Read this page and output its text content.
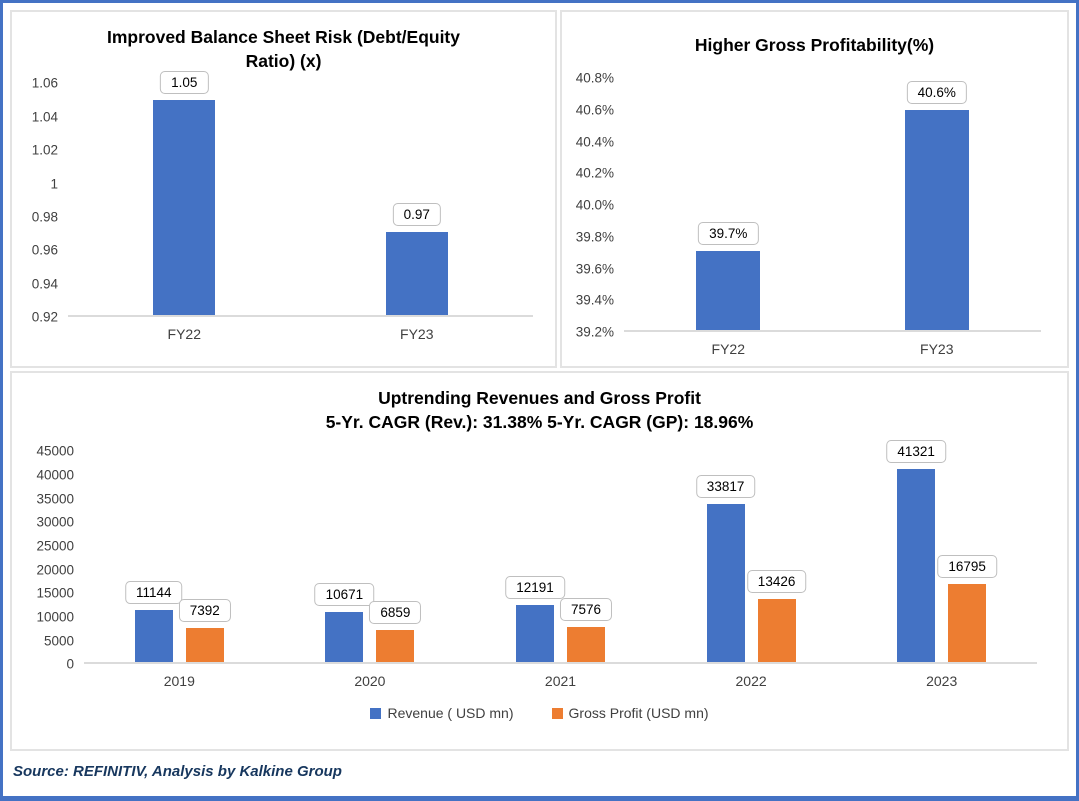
Improved Balance Sheet Risk (Debt/Equity
Ratio) (x)
1.06
1.04
1.02
1
0.98
0.96
0.94
0.92
1.05
0.97
FY22	FY23
Higher Gross Profitability(%)
40.8%
40.6%
40.4%
40.2%
40.0%
39.8%
39.6%
39.4%
39.2%
39.7%
40.6%
FY22	FY23
Uptrending Revenues and Gross Profit
5-Yr. CAGR (Rev.): 31.38% 5-Yr. CAGR (GP): 18.96%
45000
40000
35000
30000
25000
20000
15000
10000
5000
0
11144
7392
10671
6859
12191
7576
33817
13426
41321
16795
2019	2020	2021	2022	2023
Revenue ( USD mn)	Gross Profit (USD mn)
Source: REFINITIV, Analysis by Kalkine Group
